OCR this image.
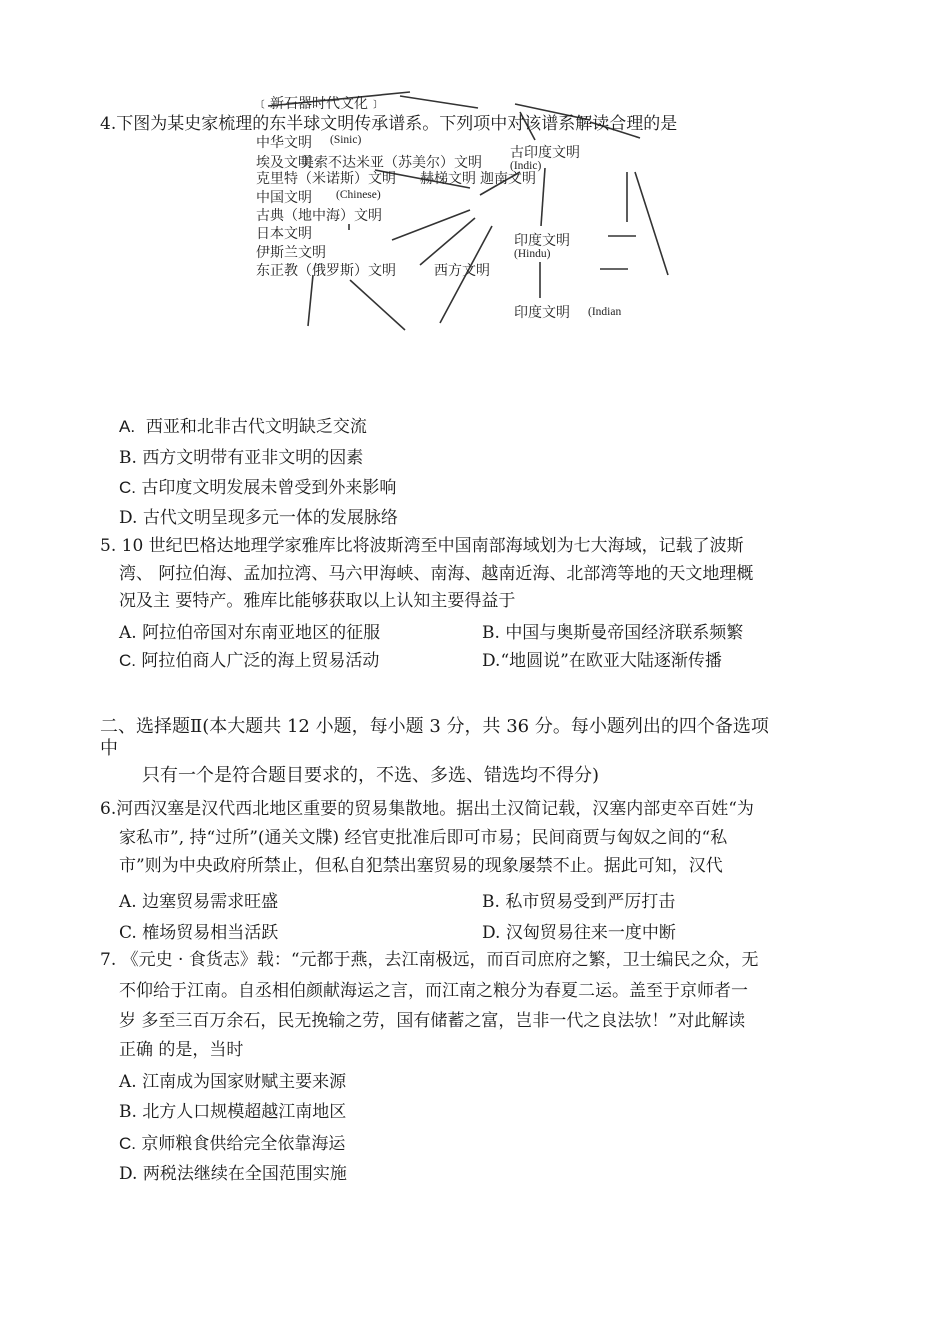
﹝新石器时代文化﹞
中华文明 (Sinic)
埃及文明
美索不达米亚（苏美尔）文明
古印度文明
(Indic)
克里特（米诺斯）文明 赫梯文明 迦南文明
中国文明 (Chinese)
古典（地中海）文明
日本文明	印度文明
(Hindu)
伊斯兰文明
东正教（俄罗斯）文明	西方文明
印度文明 (Indian
4.下图为某史家梳理的东半球文明传承谱系。下列项中对该谱系解读合理的是
A. 西亚和北非古代文明缺乏交流
B. 西方文明带有亚非文明的因素
C. 古印度文明发展未曾受到外来影响
D. 古代文明呈现多元一体的发展脉络
5. 10 世纪巴格达地理学家雅库比将波斯湾至中国南部海域划为七大海域，记载了波斯
湾、 阿拉伯海、孟加拉湾、马六甲海峡、南海、越南近海、北部湾等地的天文地理概
况及主 要特产。雅库比能够获取以上认知主要得益于
A. 阿拉伯帝国对东南亚地区的征服	B. 中国与奥斯曼帝国经济联系频繁
C. 阿拉伯商人广泛的海上贸易活动	D.“地圆说”在欧亚大陆逐渐传播
二、选择题Ⅱ(本大题共 12 小题，每小题 3 分，共 36 分。每小题列出的四个备选项
中
只有一个是符合题目要求的，不选、多选、错选均不得分)
6.河西汉塞是汉代西北地区重要的贸易集散地。据出土汉简记载，汉塞内部吏卒百姓“为
家私市”, 持“过所”(通关文牒) 经官吏批准后即可市易；民间商贾与匈奴之间的“私
市”则为中央政府所禁止，但私自犯禁出塞贸易的现象屡禁不止。据此可知，汉代
A. 边塞贸易需求旺盛	B. 私市贸易受到严厉打击
C. 榷场贸易相当活跃	D. 汉匈贸易往来一度中断
7. 《元史 · 食货志》载：“元都于燕，去江南极远，而百司庶府之繁，卫士编民之众，无
不仰给于江南。自丞相伯颜献海运之言，而江南之粮分为春夏二运。盖至于京师者一
岁 多至三百万余石，民无挽输之劳，国有储蓄之富，岂非一代之良法欤！”对此解读
正确 的是，当时
A. 江南成为国家财赋主要来源
B. 北方人口规模超越江南地区
C. 京师粮食供给完全依靠海运
D. 两税法继续在全国范围实施
